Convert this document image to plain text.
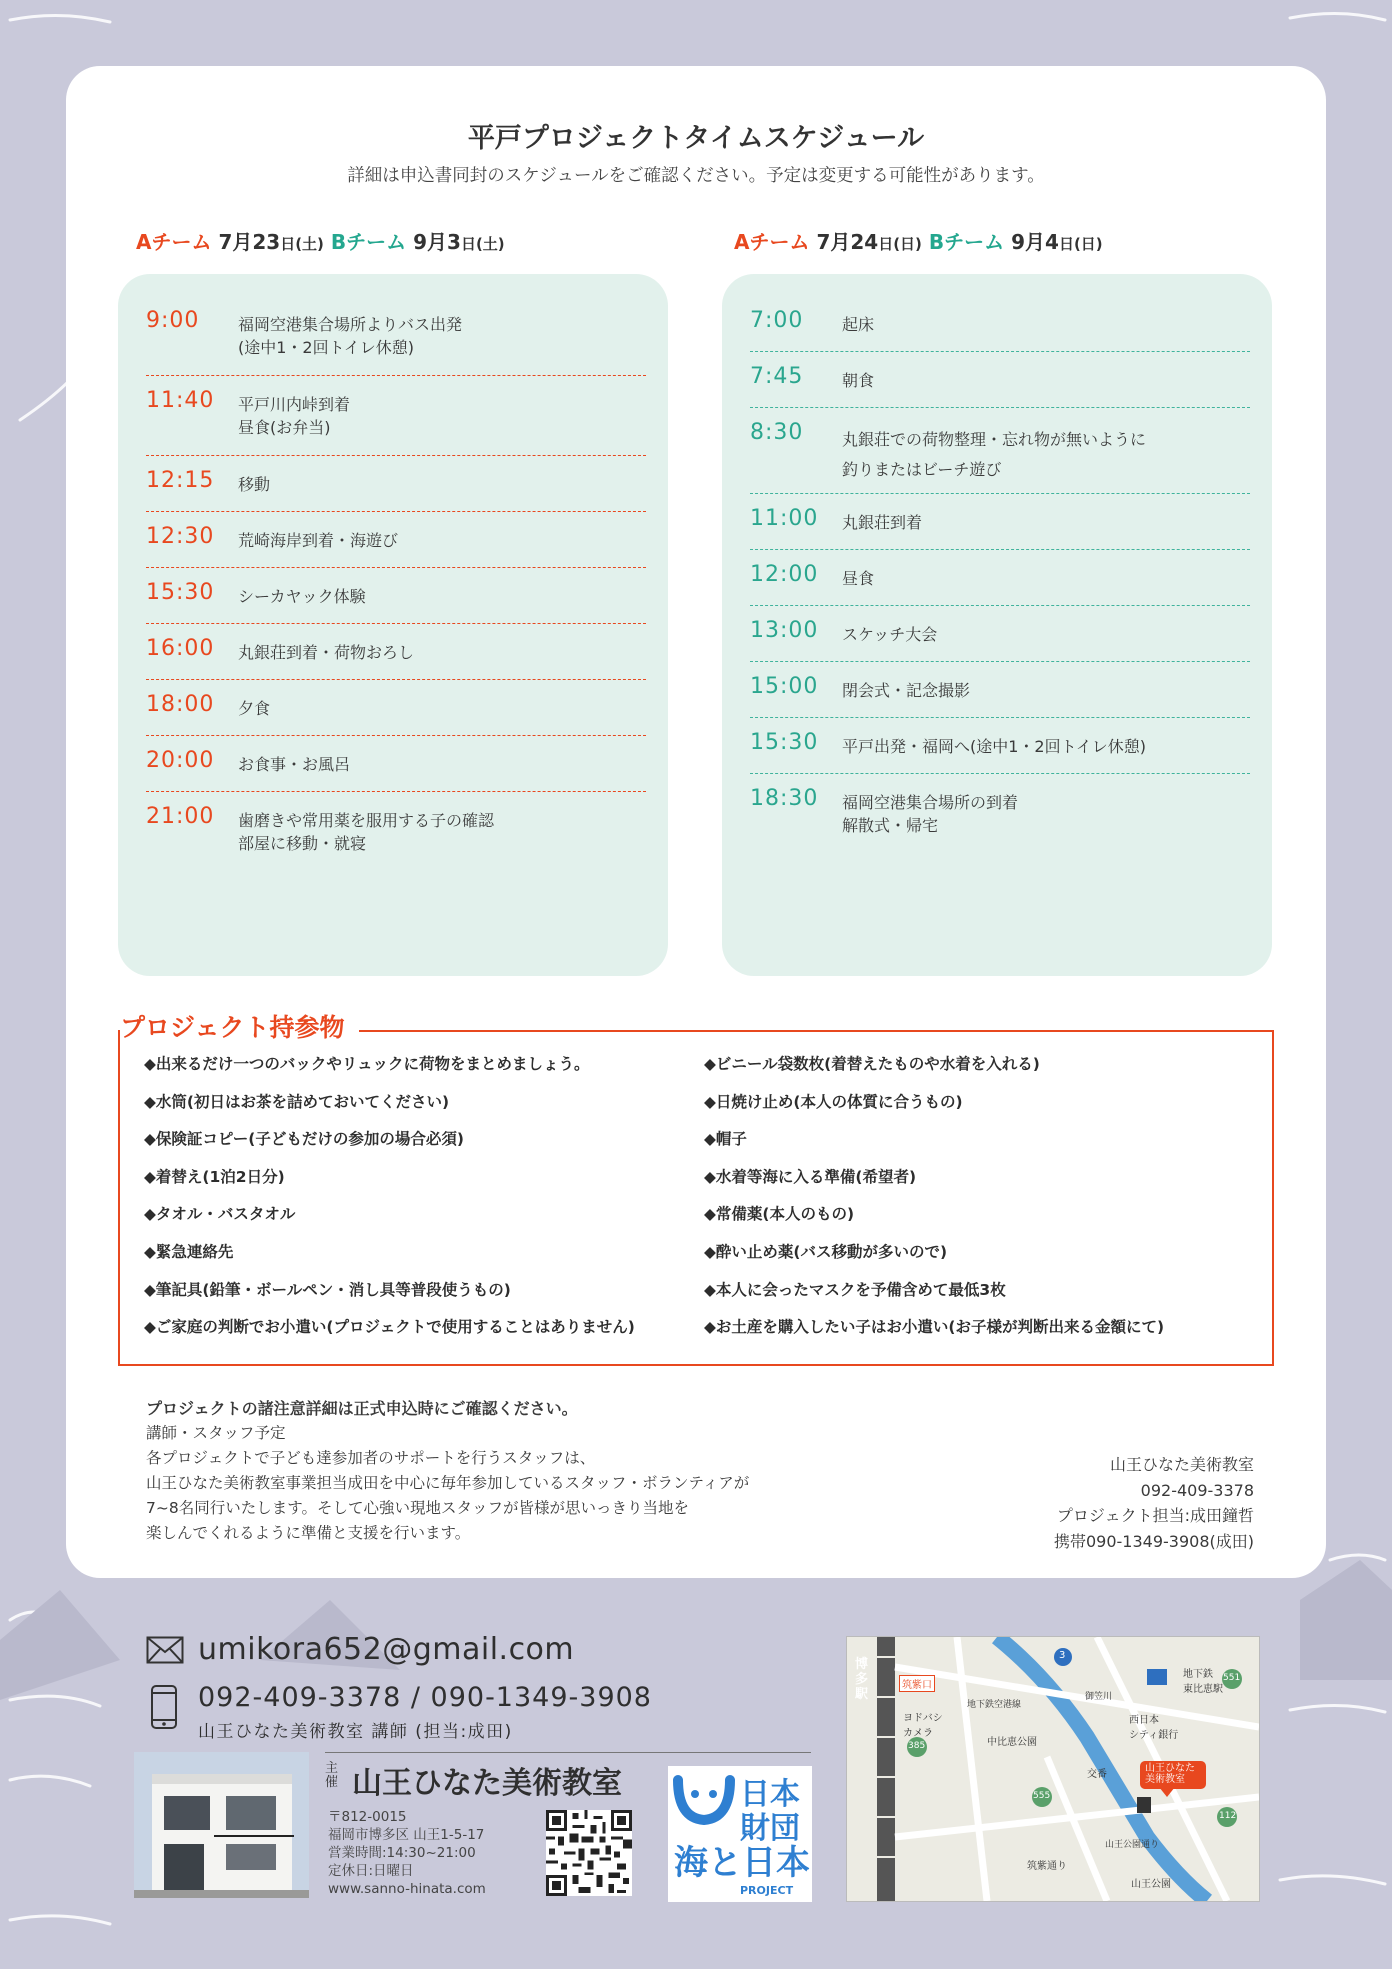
平戸プロジェクトタイムスケジュール
詳細は申込書同封のスケジュールをご確認ください。予定は変更する可能性があります。
Aチーム 7月23日(土) Bチーム 9月3日(土)	Aチーム 7月24日(日) Bチーム 9月4日(日)
9:00	福岡空港集合場所よりバス出発
(途中1・2回トイレ休憩)
11:40	平戸川内峠到着
昼食(お弁当)
12:15	移動
12:30	荒崎海岸到着・海遊び
15:30	シーカヤック体験
16:00	丸銀荘到着・荷物おろし
18:00	夕食
20:00	お食事・お風呂
21:00	歯磨きや常用薬を服用する子の確認
部屋に移動・就寝
7:00	起床
7:45	朝食
8:30	丸銀荘での荷物整理・忘れ物が無いように
釣りまたはビーチ遊び
11:00	丸銀荘到着
12:00	昼食
13:00	スケッチ大会
15:00	閉会式・記念撮影
15:30	平戸出発・福岡へ(途中1・2回トイレ休憩)
18:30	福岡空港集合場所の到着
解散式・帰宅
プロジェクト持参物
◆出来るだけ一つのバックやリュックに荷物をまとめましょう。
◆水筒(初日はお茶を詰めておいてください)
◆保険証コピー(子どもだけの参加の場合必須)
◆着替え(1泊2日分)
◆タオル・バスタオル
◆緊急連絡先
◆筆記具(鉛筆・ボールペン・消し具等普段使うもの)
◆ご家庭の判断でお小遣い(プロジェクトで使用することはありません)
◆ビニール袋数枚(着替えたものや水着を入れる)
◆日焼け止め(本人の体質に合うもの)
◆帽子
◆水着等海に入る準備(希望者)
◆常備薬(本人のもの)
◆酔い止め薬(バス移動が多いので)
◆本人に会ったマスクを予備含めて最低3枚
◆お土産を購入したい子はお小遣い(お子様が判断出来る金額にて)
プロジェクトの諸注意詳細は正式申込時にご確認ください。
講師・スタッフ予定
各プロジェクトで子ども達参加者のサポートを行うスタッフは、
山王ひなた美術教室事業担当成田を中心に毎年参加しているスタッフ・ボランティアが
7~8名同行いたします。そして心強い現地スタッフが皆様が思いっきり当地を
楽しんでくれるように準備と支援を行います。
山王ひなた美術教室
092-409-3378
プロジェクト担当:成田鐘哲
携帯090-1349-3908(成田)
umikora652@gmail.com
092-409-3378 / 090-1349-3908
山王ひなた美術教室 講師 (担当:成田)
主催 山王ひなた美術教室
〒812-0015
福岡市博多区 山王1-5-17
営業時間:14:30~21:00
定休日:日曜日
www.sanno-hinata.com
日本
財団
海と日本
PROJECT
博多駅
筑紫口
ヨドバシ
カメラ
地下鉄
東比恵駅
中比恵公園
西日本
シティ銀行
交番
山王ひなた
美術教室
山王公園
筑紫通り
地下鉄空港線
御笠川
山王公園通り
3
551
385
555
112
